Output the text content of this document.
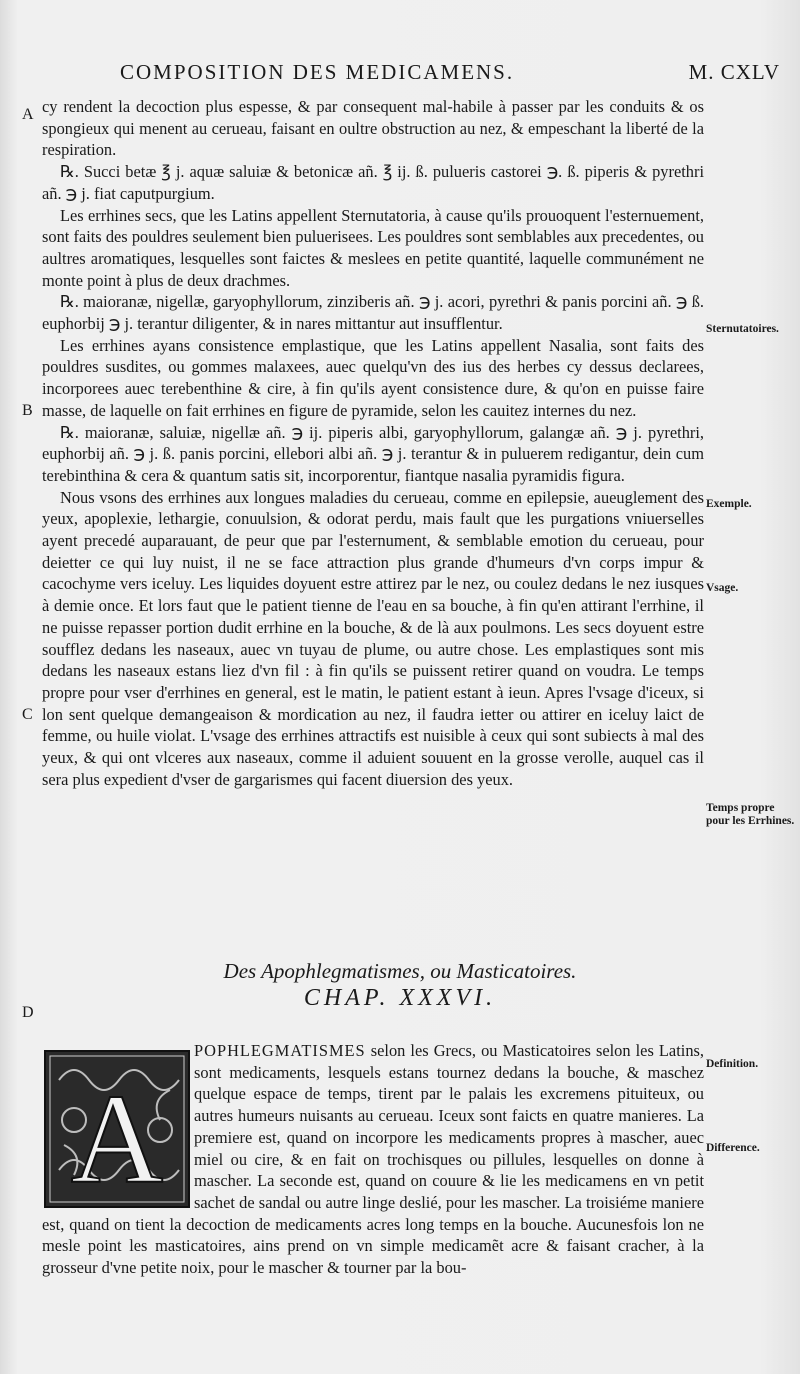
COMPOSITION DES MEDICAMENS.	M. CXLV
A
B
C
D

cy rendent la decoction plus espesse, & par consequent mal-habile à passer par les conduits & os spongieux qui menent au cerueau, faisant en oultre obstruction au nez, & empeschant la liberté de la respiration.

℞. Succi betæ ℥ j. aquæ saluiæ & betonicæ añ. ℥ ij. ß. pulueris castorei ℈. ß. piperis & pyrethri añ. ℈ j. fiat caputpurgium.

Les errhines secs, que les Latins appellent Sternutatoria, à cause qu'ils prouoquent l'esternuement, sont faits des pouldres seulement bien puluerisees. Les pouldres sont semblables aux precedentes, ou aultres aromatiques, lesquelles sont faictes & meslees en petite quantité, laquelle communément ne monte point à plus de deux drachmes.

℞. maioranæ, nigellæ, garyophyllorum, zinziberis añ. ℈ j. acori, pyrethri & panis porcini añ. ℈ ß. euphorbij ℈ j. terantur diligenter, & in nares mittantur aut insufflentur.

Les errhines ayans consistence emplastique, que les Latins appellent Nasalia, sont faits des pouldres susdites, ou gommes malaxees, auec quelqu'vn des ius des herbes cy dessus declarees, incorporees auec terebenthine & cire, à fin qu'ils ayent consistence dure, & qu'on en puisse faire masse, de laquelle on fait errhines en figure de pyramide, selon les cauitez internes du nez.

℞. maioranæ, saluiæ, nigellæ añ. ℈ ij. piperis albi, garyophyllorum, galangæ añ. ℈ j. pyrethri, euphorbij añ. ℈ j. ß. panis porcini, ellebori albi añ. ℈ j. terantur & in puluerem redigantur, dein cum terebinthina & cera & quantum satis sit, incorporentur, fiantque nasalia pyramidis figura.

Nous vsons des errhines aux longues maladies du cerueau, comme en epilepsie, aueuglement des yeux, apoplexie, lethargie, conuulsion, & odorat perdu, mais fault que les purgations vniuerselles ayent precedé auparauant, de peur que par l'esternument, & semblable emotion du cerueau, pour deietter ce qui luy nuist, il ne se face attraction plus grande d'humeurs d'vn corps impur & cacochyme vers iceluy. Les liquides doyuent estre attirez par le nez, ou coulez dedans le nez iusques à demie once. Et lors faut que le patient tienne de l'eau en sa bouche, à fin qu'en attirant l'errhine, il ne puisse repasser portion dudit errhine en la bouche, & de là aux poulmons. Les secs doyuent estre soufflez dedans les naseaux, auec vn tuyau de plume, ou autre chose. Les emplastiques sont mis dedans les naseaux estans liez d'vn fil : à fin qu'ils se puissent retirer quand on voudra. Le temps propre pour vser d'errhines en general, est le matin, le patient estant à ieun. Apres l'vsage d'iceux, si lon sent quelque demangeaison & mordication au nez, il faudra ietter ou attirer en iceluy laict de femme, ou huile violat. L'vsage des errhines attractifs est nuisible à ceux qui sont subiects à mal des yeux, & qui ont vlceres aux naseaux, comme il aduient souuent en la grosse verolle, auquel cas il sera plus expedient d'vser de gargarismes qui facent diuersion des yeux.

Sternutatoires.
Exemple.
Vsage.
Temps propre pour les Errhines.
Definition.
Difference.
Des Apophlegmatismes, ou Masticatoires.
CHAP. XXXVI.
A

POPHLEGMATISMES selon les Grecs, ou Masticatoires selon les Latins, sont medicaments, lesquels estans tournez dedans la bouche, & maschez quelque espace de temps, tirent par le palais les excremens pituiteux, ou autres humeurs nuisants au cerueau. Iceux sont faicts en quatre manieres. La premiere est, quand on incorpore les medicaments propres à mascher, auec miel ou cire, & en fait on trochisques ou pillules, lesquelles on donne à mascher. La seconde est, quand on couure & lie les medicamens en vn petit sachet de sandal ou autre linge deslié, pour les mascher. La troisiéme maniere est, quand on tient la decoction de medicaments acres long temps en la bouche. Aucunesfois lon ne mesle point les masticatoires, ains prend on vn simple medicamẽt acre & faisant cracher, à la grosseur d'vne petite noix, pour le mascher & tourner par la bou-
